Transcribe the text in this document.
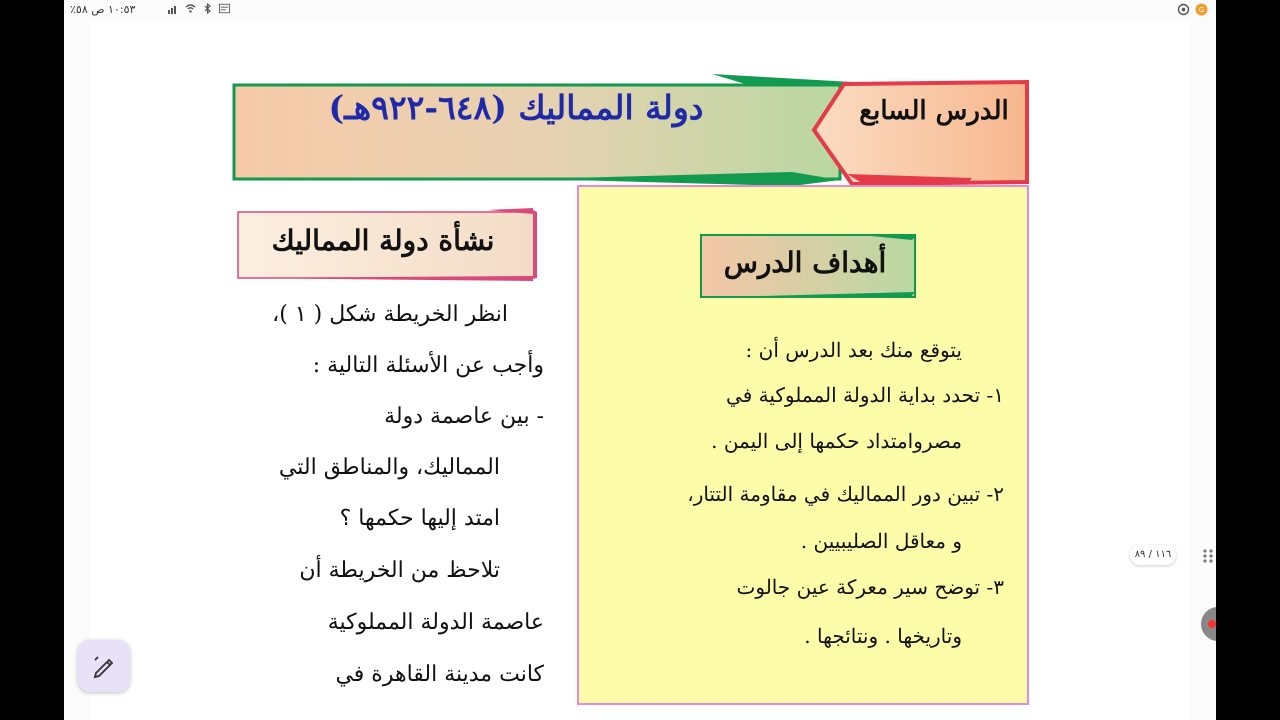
١٠:٥٣ ص ٥٨٪	G
دولة المماليك (٦٤٨-٩٢٢هـ)	الدرس السابع
أهداف الدرس
يتوقع منك بعد الدرس أن :
١- تحدد بداية الدولة المملوكية في
مصروامتداد حكمها إلى اليمن .
٢- تبين دور المماليك في مقاومة التتار،
و معاقل الصليبيين .
٣- توضح سير معركة عين جالوت
وتاريخها . ونتائجها .
نشأة دولة المماليك
انظر الخريطة شكل ( ١ )،
وأجب عن الأسئلة التالية :
- بين عاصمة دولة
المماليك، والمناطق التي
امتد إليها حكمها ؟
تلاحظ من الخريطة أن
عاصمة الدولة المملوكية
كانت مدينة القاهرة في
١١٦ / ٨٩
